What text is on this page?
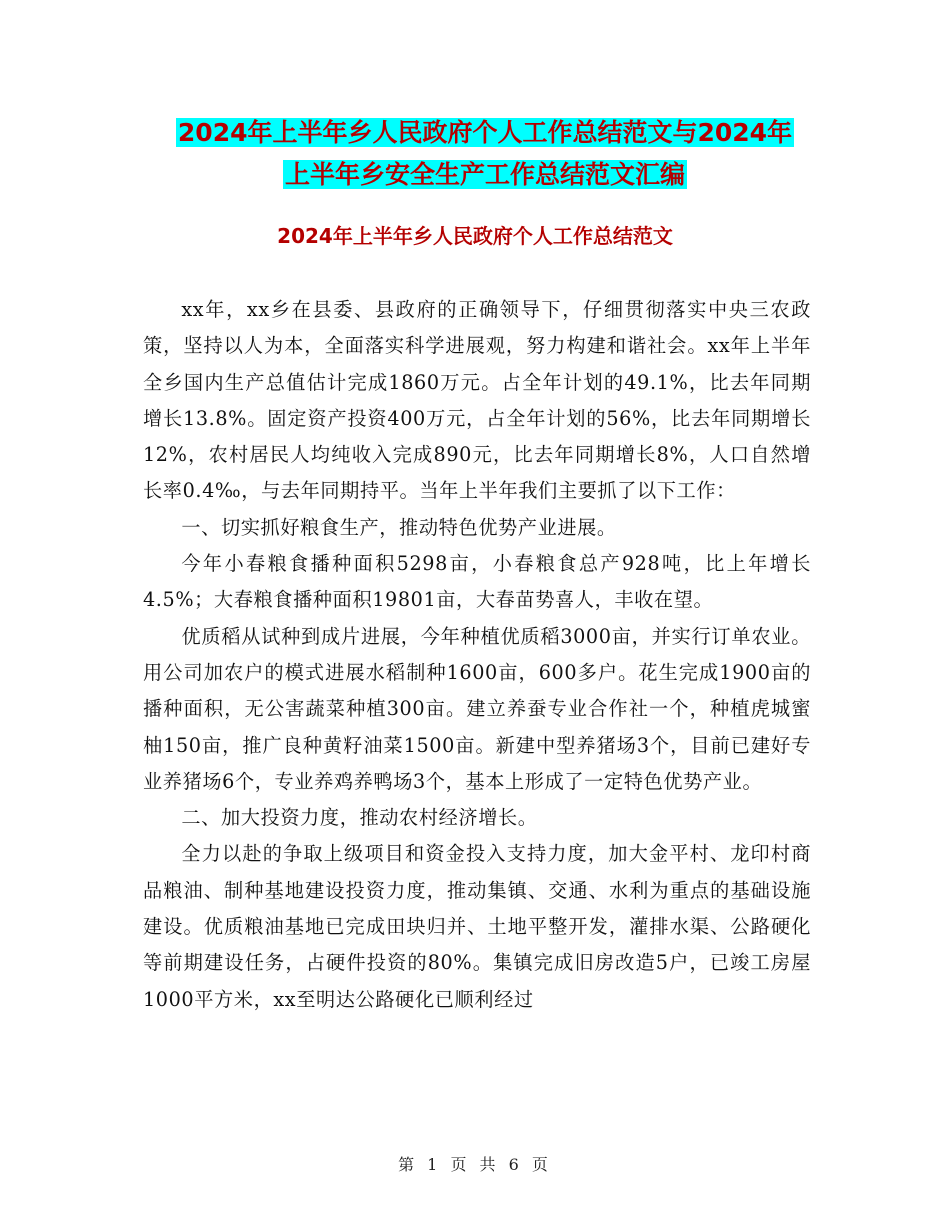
2024年上半年乡人民政府个人工作总结范文与2024年
上半年乡安全生产工作总结范文汇编
2024年上半年乡人民政府个人工作总结范文

xx年，xx乡在县委、县政府的正确领导下，仔细贯彻落实中央三农政策，坚持以人为本，全面落实科学进展观，努力构建和谐社会。xx年上半年全乡国内生产总值估计完成1860万元。占全年计划的49.1%，比去年同期增长13.8%。固定资产投资400万元，占全年计划的56%，比去年同期增长12%，农村居民人均纯收入完成890元，比去年同期增长8%，人口自然增长率0.4‰，与去年同期持平。当年上半年我们主要抓了以下工作：

一、切实抓好粮食生产，推动特色优势产业进展。

今年小春粮食播种面积5298亩，小春粮食总产928吨，比上年增长4.5%；大春粮食播种面积19801亩，大春苗势喜人，丰收在望。

优质稻从试种到成片进展，今年种植优质稻3000亩，并实行订单农业。用公司加农户的模式进展水稻制种1600亩，600多户。花生完成1900亩的播种面积，无公害蔬菜种植300亩。建立养蚕专业合作社一个，种植虎城蜜柚150亩，推广良种黄籽油菜1500亩。新建中型养猪场3个，目前已建好专业养猪场6个，专业养鸡养鸭场3个，基本上形成了一定特色优势产业。

二、加大投资力度，推动农村经济增长。

全力以赴的争取上级项目和资金投入支持力度，加大金平村、龙印村商品粮油、制种基地建设投资力度，推动集镇、交通、水利为重点的基础设施建设。优质粮油基地已完成田块归并、土地平整开发，灌排水渠、公路硬化等前期建设任务，占硬件投资的80%。集镇完成旧房改造5户，已竣工房屋1000平方米，xx至明达公路硬化已顺利经过

第 1 页 共 6 页
